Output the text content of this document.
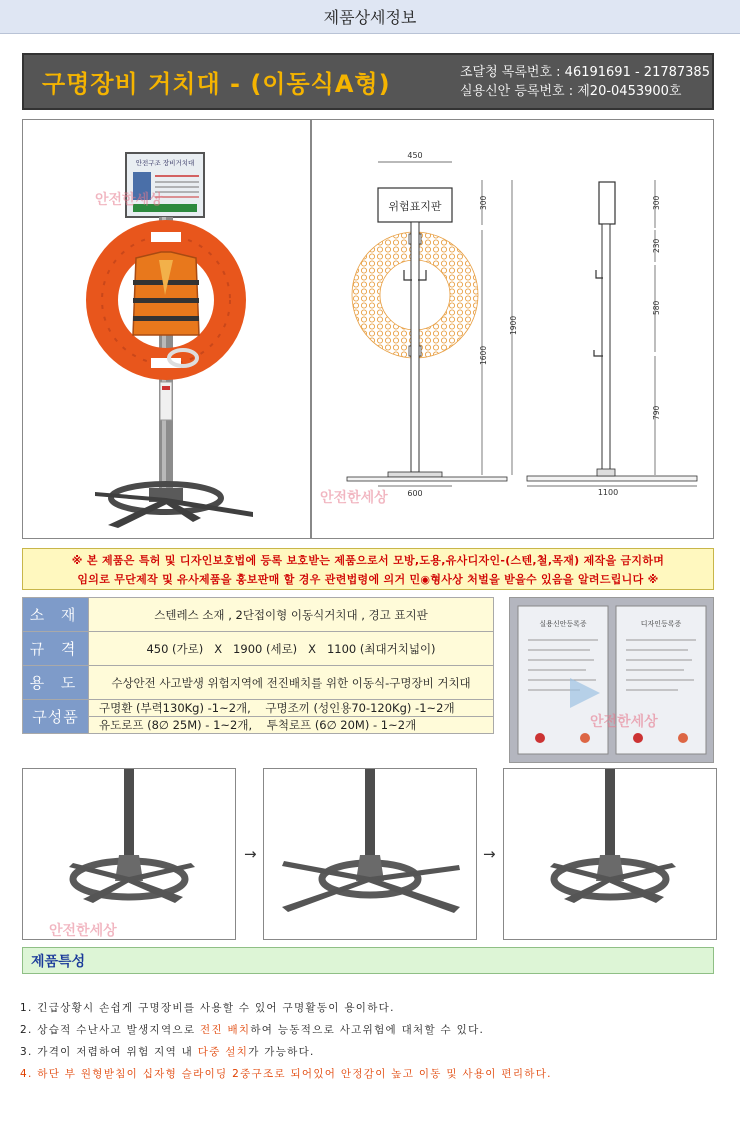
제품상세정보
구명장비 거치대 - (이동식A형)	조달청 목록번호 : 46191691 - 21787385
실용신안 등록번호 : 제20-0453900호
안전구조 장비거치대
안전한세상
450
위험표지판
600
300
1600
1900
1100
300
230
580
790
안전한세상
※ 본 제품은 특허 및 디자인보호법에 등록 보호받는 제품으로서 모방,도용,유사디자인-(스텐,철,목재) 제작을 금지하며
임의로 무단제작 및 유사제품을 홍보판매 할 경우 관련법령에 의거 민◉형사상 처벌을 받을수 있음을 알려드립니다 ※
소 재	스텐레스 소재 , 2단접이형 이동식거치대 , 경고 표지판
규 격	450 (가로)   X   1900 (세로)   X   1100 (최대거치넓이)
용 도	수상안전 사고발생 위험지역에 전진배치를 위한 이동식-구명장비 거치대
구성품	구명환 (부력130Kg) -1~2개,    구명조끼 (성인용70-120Kg) -1~2개
유도로프 (8∅ 25M) - 1~2개,    투척로프 (6∅ 20M) - 1~2개
실용신안등록증	디자인등록증
안전한세상
안전한세상
→	→
제품특성
1. 긴급상황시 손쉽게 구명장비를 사용할 수 있어 구명활동이 용이하다.
2. 상습적 수난사고 발생지역으로 전진 배치하여 능동적으로 사고위험에 대처할 수 있다.
3. 가격이 저렴하여 위험 지역 내 다중 설치가 가능하다.
4. 하단 부 원형받침이 십자형 슬라이딩 2중구조로 되어있어 안정감이 높고 이동 및 사용이 편리하다.
